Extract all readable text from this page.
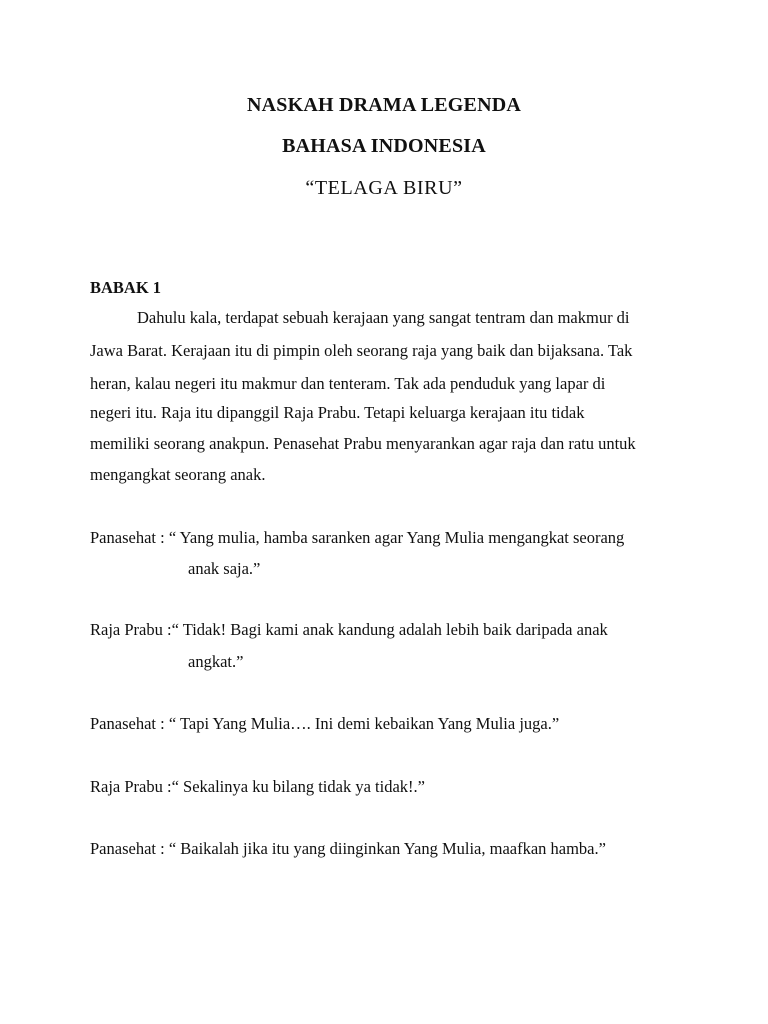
NASKAH DRAMA LEGENDA
BAHASA INDONESIA
“TELAGA BIRU”
BABAK 1
Dahulu kala, terdapat sebuah kerajaan yang sangat tentram dan makmur di
Jawa Barat. Kerajaan itu di pimpin oleh seorang raja yang baik dan bijaksana. Tak
heran, kalau negeri itu makmur dan tenteram. Tak ada penduduk yang lapar di
negeri itu. Raja itu dipanggil Raja Prabu. Tetapi keluarga kerajaan itu tidak
memiliki seorang anakpun. Penasehat Prabu menyarankan agar raja dan ratu untuk
mengangkat seorang anak.
Panasehat : “ Yang mulia, hamba saranken agar Yang Mulia mengangkat seorang
anak saja.”
Raja Prabu :“ Tidak! Bagi kami anak kandung adalah lebih baik daripada anak
angkat.”
Panasehat : “ Tapi Yang Mulia…. Ini demi kebaikan Yang Mulia juga.”
Raja Prabu :“ Sekalinya ku bilang tidak ya tidak!.”
Panasehat : “ Baikalah jika itu yang diinginkan Yang Mulia, maafkan hamba.”
